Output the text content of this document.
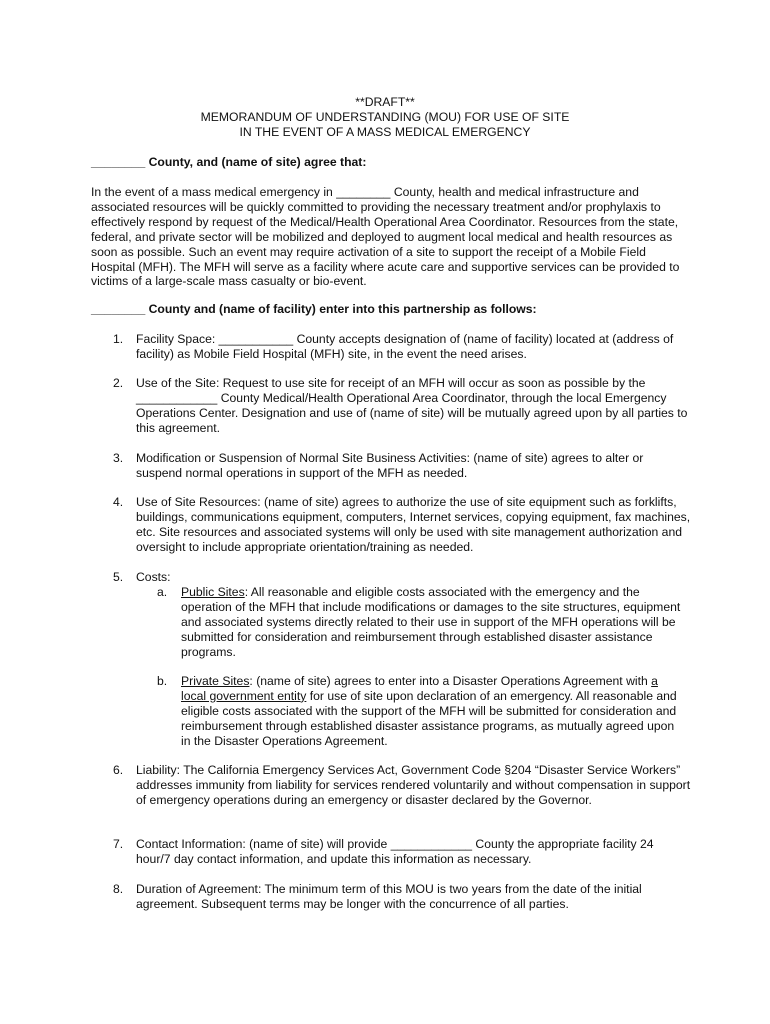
**DRAFT**
MEMORANDUM OF UNDERSTANDING (MOU) FOR USE OF SITE
IN THE EVENT OF A MASS MEDICAL EMERGENCY
________ County, and (name of site) agree that:

In the event of a mass medical emergency in ________ County, health and medical infrastructure and associated resources will be quickly committed to providing the necessary treatment and/or prophylaxis to effectively respond by request of the Medical/Health Operational Area Coordinator. Resources from the state, federal, and private sector will be mobilized and deployed to augment local medical and health resources as soon as possible. Such an event may require activation of a site to support the receipt of a Mobile Field Hospital (MFH). The MFH will serve as a facility where acute care and supportive services can be provided to victims of a large-scale mass casualty or bio-event.

________ County and (name of facility) enter into this partnership as follows:
1. Facility Space: ___________ County accepts designation of (name of facility) located at (address of facility) as Mobile Field Hospital (MFH) site, in the event the need arises.

2. Use of the Site: Request to use site for receipt of an MFH will occur as soon as possible by the ____________ County Medical/Health Operational Area Coordinator, through the local Emergency Operations Center. Designation and use of (name of site) will be mutually agreed upon by all parties to this agreement.

3. Modification or Suspension of Normal Site Business Activities: (name of site) agrees to alter or suspend normal operations in support of the MFH as needed.

4. Use of Site Resources: (name of site) agrees to authorize the use of site equipment such as forklifts, buildings, communications equipment, computers, Internet services, copying equipment, fax machines, etc. Site resources and associated systems will only be used with site management authorization and oversight to include appropriate orientation/training as needed.

5. Costs:

a. Public Sites: All reasonable and eligible costs associated with the emergency and the operation of the MFH that include modifications or damages to the site structures, equipment and associated systems directly related to their use in support of the MFH operations will be submitted for consideration and reimbursement through established disaster assistance programs.

b. Private Sites: (name of site) agrees to enter into a Disaster Operations Agreement with a local government entity for use of site upon declaration of an emergency. All reasonable and eligible costs associated with the support of the MFH will be submitted for consideration and reimbursement through established disaster assistance programs, as mutually agreed upon in the Disaster Operations Agreement.

6. Liability: The California Emergency Services Act, Government Code §204 “Disaster Service Workers” addresses immunity from liability for services rendered voluntarily and without compensation in support of emergency operations during an emergency or disaster declared by the Governor.

7. Contact Information: (name of site) will provide ____________ County the appropriate facility 24 hour/7 day contact information, and update this information as necessary.

8. Duration of Agreement: The minimum term of this MOU is two years from the date of the initial agreement. Subsequent terms may be longer with the concurrence of all parties.
